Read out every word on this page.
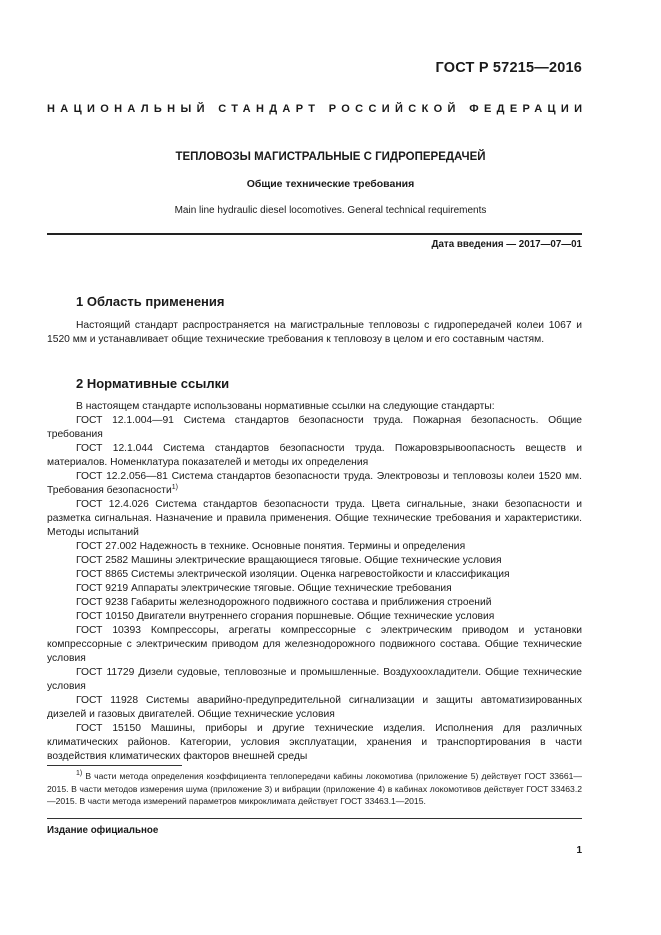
ГОСТ Р 57215—2016
НАЦИОНАЛЬНЫЙ СТАНДАРТ РОССИЙСКОЙ ФЕДЕРАЦИИ
ТЕПЛОВОЗЫ МАГИСТРАЛЬНЫЕ С ГИДРОПЕРЕДАЧЕЙ
Общие технические требования
Main line hydraulic diesel locomotives. General technical requirements
Дата введения — 2017—07—01
1 Область применения

Настоящий стандарт распространяется на магистральные тепловозы с гидропередачей колеи 1067 и 1520 мм и устанавливает общие технические требования к тепловозу в целом и его составным частям.

2 Нормативные ссылки

В настоящем стандарте использованы нормативные ссылки на следующие стандарты:

ГОСТ 12.1.004—91 Система стандартов безопасности труда. Пожарная безопасность. Общие требования

ГОСТ 12.1.044 Система стандартов безопасности труда. Пожаровзрывоопасность веществ и материалов. Номенклатура показателей и методы их определения

ГОСТ 12.2.056—81 Система стандартов безопасности труда. Электровозы и тепловозы колеи 1520 мм. Требования безопасности$^{1)}$

ГОСТ 12.4.026 Система стандартов безопасности труда. Цвета сигнальные, знаки безопасности и разметка сигнальная. Назначение и правила применения. Общие технические требования и характеристики. Методы испытаний

ГОСТ 27.002 Надежность в технике. Основные понятия. Термины и определения

ГОСТ 2582 Машины электрические вращающиеся тяговые. Общие технические условия

ГОСТ 8865 Системы электрической изоляции. Оценка нагревостойкости и классификация

ГОСТ 9219 Аппараты электрические тяговые. Общие технические требования

ГОСТ 9238 Габариты железнодорожного подвижного состава и приближения строений

ГОСТ 10150 Двигатели внутреннего сгорания поршневые. Общие технические условия

ГОСТ 10393 Компрессоры, агрегаты компрессорные с электрическим приводом и установки компрессорные с электрическим приводом для железнодорожного подвижного состава. Общие технические условия

ГОСТ 11729 Дизели судовые, тепловозные и промышленные. Воздухоохладители. Общие технические условия

ГОСТ 11928 Системы аварийно-предупредительной сигнализации и защиты автоматизированных дизелей и газовых двигателей. Общие технические условия

ГОСТ 15150 Машины, приборы и другие технические изделия. Исполнения для различных климатических районов. Категории, условия эксплуатации, хранения и транспортирования в части воздействия климатических факторов внешней среды

$^{1)}$ В части метода определения коэффициента теплопередачи кабины локомотива (приложение 5) действует ГОСТ 33661—2015. В части методов измерения шума (приложение 3) и вибрации (приложение 4) в кабинах локомотивов действует ГОСТ 33463.2—2015. В части метода измерений параметров микроклимата действует ГОСТ 33463.1—2015.

Издание официальное
1
